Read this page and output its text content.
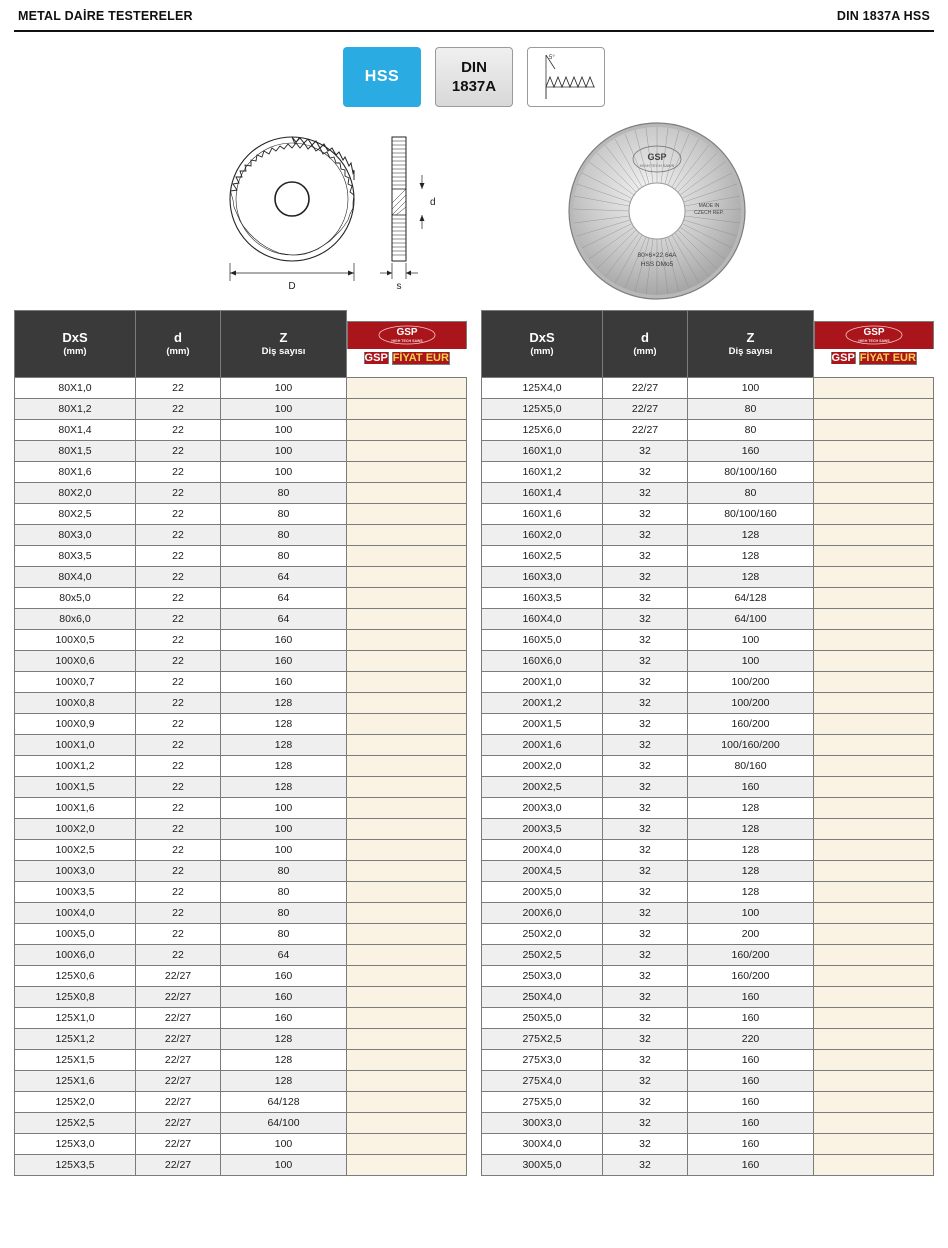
METAL DAİRE TESTERELER	DIN 1837A HSS
HSS
DIN
1837A
5°
D
d
s
GSP
HIGH TECH SAWS
80×6×22 64A
HSS DMo5
MADE IN
CZECH REP.
DxS
(mm)	d
(mm)	Z
Diş sayısı	GSP
HIGH TECH SAWS
GSP FİYAT EUR

80X1,0	22	100	
80X1,2	22	100	
80X1,4	22	100	
80X1,5	22	100	
80X1,6	22	100	
80X2,0	22	80	
80X2,5	22	80	
80X3,0	22	80	
80X3,5	22	80	
80X4,0	22	64	
80x5,0	22	64	
80x6,0	22	64	
100X0,5	22	160	
100X0,6	22	160	
100X0,7	22	160	
100X0,8	22	128	
100X0,9	22	128	
100X1,0	22	128	
100X1,2	22	128	
100X1,5	22	128	
100X1,6	22	100	
100X2,0	22	100	
100X2,5	22	100	
100X3,0	22	80	
100X3,5	22	80	
100X4,0	22	80	
100X5,0	22	80	
100X6,0	22	64	
125X0,6	22/27	160	
125X0,8	22/27	160	
125X1,0	22/27	160	
125X1,2	22/27	128	
125X1,5	22/27	128	
125X1,6	22/27	128	
125X2,0	22/27	64/128	
125X2,5	22/27	64/100	
125X3,0	22/27	100	
125X3,5	22/27	100	
DxS
(mm)	d
(mm)	Z
Diş sayısı	GSP
HIGH TECH SAWS
GSP FİYAT EUR

125X4,0	22/27	100	
125X5,0	22/27	80	
125X6,0	22/27	80	
160X1,0	32	160	
160X1,2	32	80/100/160	
160X1,4	32	80	
160X1,6	32	80/100/160	
160X2,0	32	128	
160X2,5	32	128	
160X3,0	32	128	
160X3,5	32	64/128	
160X4,0	32	64/100	
160X5,0	32	100	
160X6,0	32	100	
200X1,0	32	100/200	
200X1,2	32	100/200	
200X1,5	32	160/200	
200X1,6	32	100/160/200	
200X2,0	32	80/160	
200X2,5	32	160	
200X3,0	32	128	
200X3,5	32	128	
200X4,0	32	128	
200X4,5	32	128	
200X5,0	32	128	
200X6,0	32	100	
250X2,0	32	200	
250X2,5	32	160/200	
250X3,0	32	160/200	
250X4,0	32	160	
250X5,0	32	160	
275X2,5	32	220	
275X3,0	32	160	
275X4,0	32	160	
275X5,0	32	160	
300X3,0	32	160	
300X4,0	32	160	
300X5,0	32	160	
